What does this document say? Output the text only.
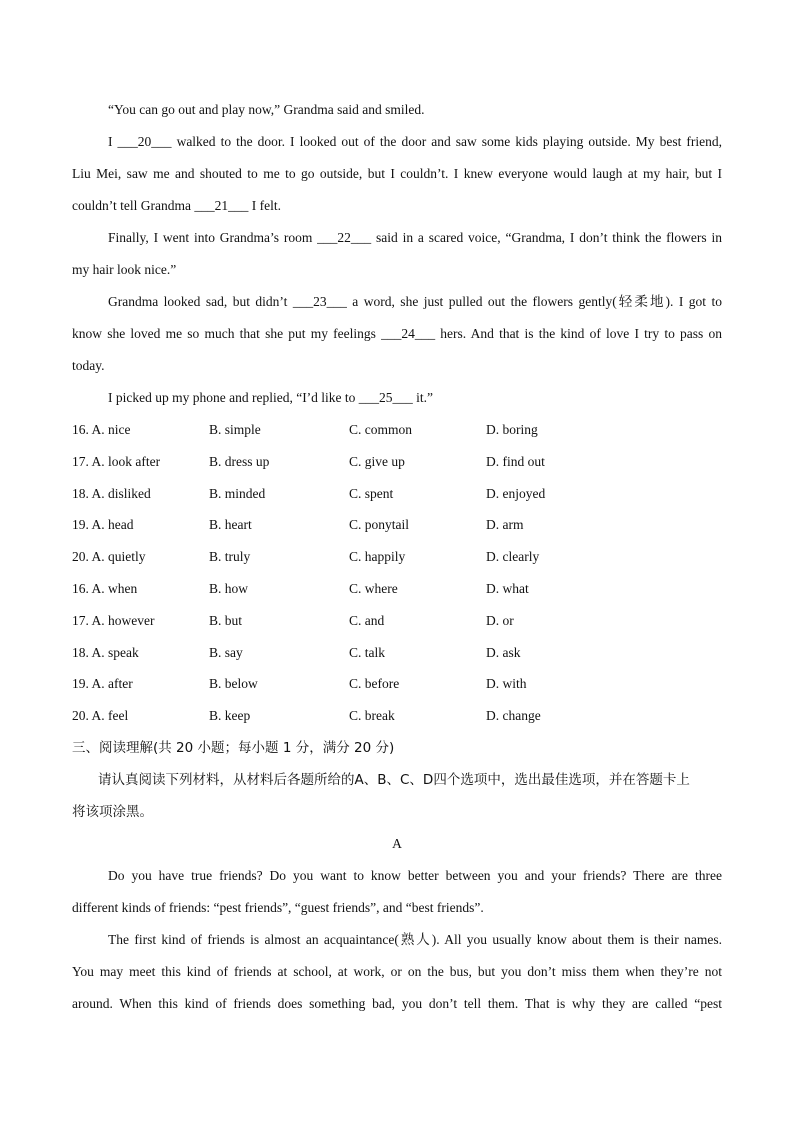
“You can go out and play now,” Grandma said and smiled.
I ___20___ walked to the door. I looked out of the door and saw some kids playing outside. My best friend,
Liu Mei, saw me and shouted to me to go outside, but I couldn’t. I knew everyone would laugh at my hair, but I
couldn’t tell Grandma ___21___ I felt.
Finally, I went into Grandma’s room ___22___ said in a scared voice, “Grandma, I don’t think the flowers in
my hair look nice.”
Grandma looked sad, but didn’t ___23___ a word, she just pulled out the flowers gently(轻柔地). I got to
know she loved me so much that she put my feelings ___24___ hers. And that is the kind of love I try to pass on
today.
I picked up my phone and replied, “I’d like to ___25___ it.”
16. A. nice	B. simple	C. common	D. boring
17. A. look after	B. dress up	C. give up	D. find out
18. A. disliked	B. minded	C. spent	D. enjoyed
19. A. head	B. heart	C. ponytail	D. arm
20. A. quietly	B. truly	C. happily	D. clearly
16. A. when	B. how	C. where	D. what
17. A. however	B. but	C. and	D. or
18. A. speak	B. say	C. talk	D. ask
19. A. after	B. below	C. before	D. with
20. A. feel	B. keep	C. break	D. change
三、阅读理解(共 20 小题；每小题 1 分，满分 20 分)
请认真阅读下列材料，从材料后各题所给的A、B、C、D四个选项中，选出最佳选项，并在答题卡上
将该项涂黑。
A
Do you have true friends? Do you want to know better between you and your friends? There are three
different kinds of friends: “pest friends”, “guest friends”, and “best friends”.
The first kind of friends is almost an acquaintance(熟人). All you usually know about them is their names.
You may meet this kind of friends at school, at work, or on the bus, but you don’t miss them when they’re not
around. When this kind of friends does something bad, you don’t tell them. That is why they are called “pest
